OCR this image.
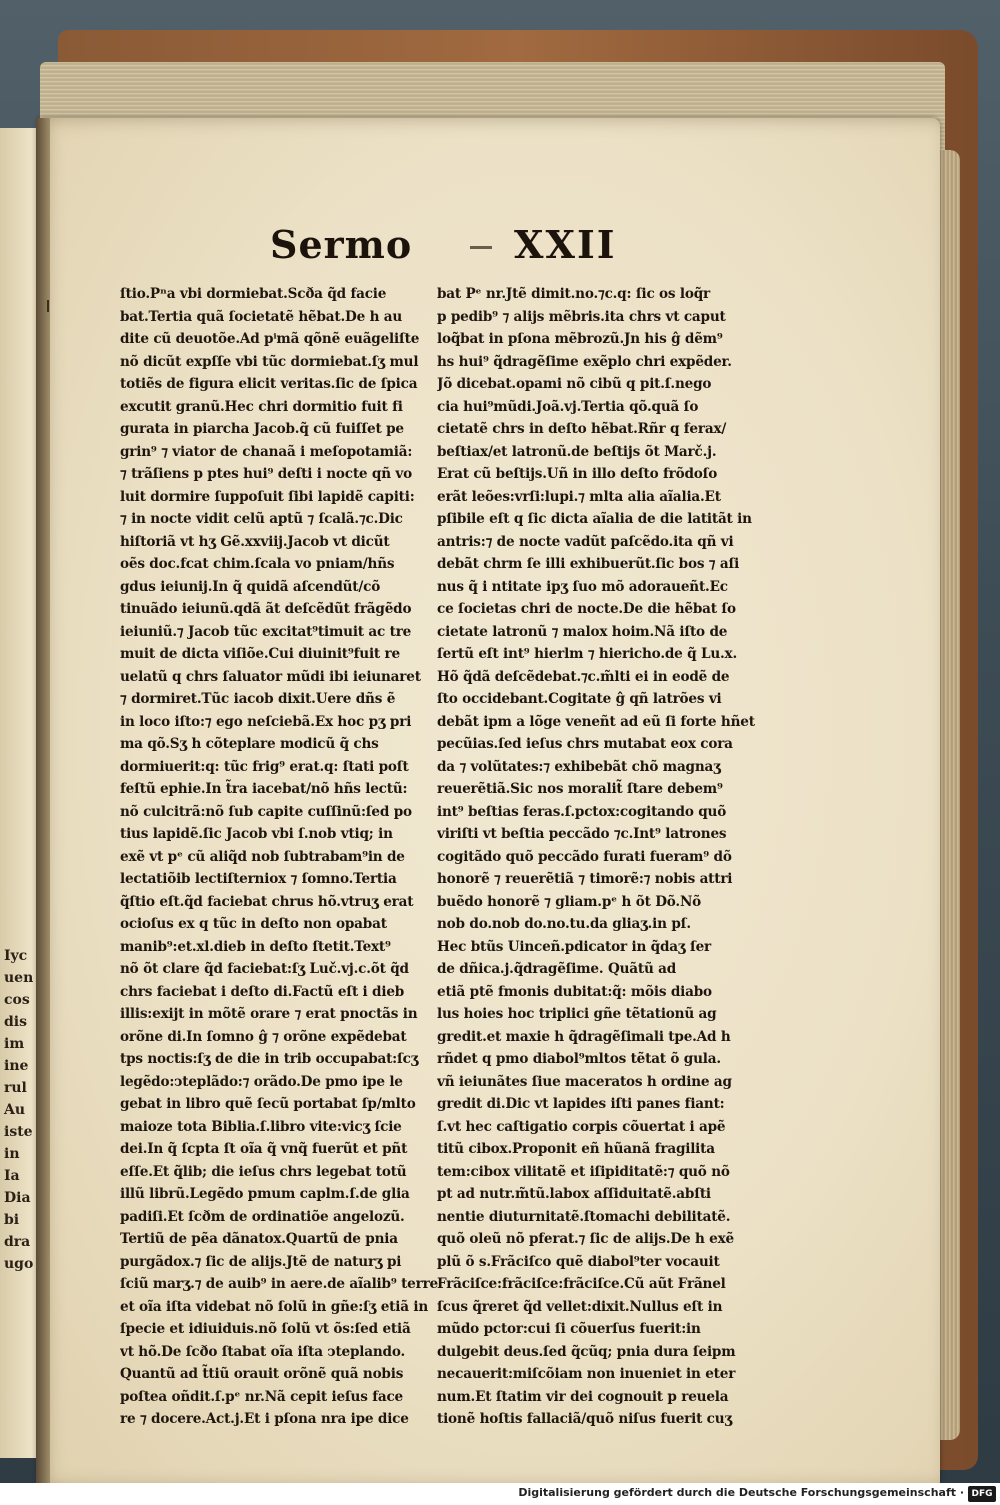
Iyc
uen
cos
dis
im
ine
rul
Au
iste
in
Ia
Dia
bi
dra
ugo
Sermo	XXII
ſtio.Pⁿa vbi dormiebat.Scða q̃d facie
bat.Tertia quã ſocietatẽ hẽbat.De h au
dite cũ deuotõe.Ad pⁱmã qõnẽ euãgeliſte
nõ dicũt expſſe vbi tũc dormiebat.ſʒ mul
totiẽs de figura elicit veritas.ſic de ſpica
excutit granũ.Hec chri dormitio fuit fi
gurata in piarcha Jacob.q̃ cũ fuiſſet pe
grin⁹ ⁊ viator de chanaã i meſopotamiã:
⁊ trãſiens p ptes hui⁹ deſti i nocte qñ vo
luit dormire ſuppoſuit ſibi lapidẽ capiti:
⁊ in nocte vidit celũ aptũ ⁊ ſcalã.⁊c.Dic
hiſtoriã vt hʒ Gẽ.xxviij.Jacob vt dicũt
oẽs doc.fcat chim.ſcala vo pniam/hñs
gdus ieiunij.In q̃ quidã aſcendũt/cõ
tinuãdo ieiunũ.qdã ãt deſcẽdũt frãgẽdo
ieiuniũ.⁊ Jacob tũc excitat⁹timuit ac tre
muit de dicta viſiõe.Cui diuinit⁹fuit re
uelatũ q chrs ſaluator mũdi ibi ieiunaret
⁊ dormiret.Tũc iacob dixit.Uere dñs ẽ
in loco iſto:⁊ ego neſciebã.Ex hoc pʒ pri
ma qõ.Sʒ h cõteplare modicũ q̃ chs
dormiuerit:q: tũc frig⁹ erat.q: ſtati poſt
feſtũ ephie.In t̃ra iacebat/nõ hñs lectũ:
nõ culcitrã:nõ ſub capite cuſſinũ:ſed po
tius lapidẽ.ſic Jacob vbi ſ.nob vtiq; in
exẽ vt pᵉ cũ aliq̃d nob ſubtrabam⁹in de
lectatiõib lectiſterniox ⁊ ſomno.Tertia
q̃ſtio eſt.q̃d faciebat chrus hõ.vtruʒ erat
ocioſus ex q tũc in deſto non opabat
manib⁹:et.xl.dieb in deſto ſtetit.Text⁹
nõ õt clare q̃d faciebat:ſʒ Luč.vj.c.õt q̃d
chrs faciebat i deſto di.Factũ eſt i dieb
illis:exijt in mõtẽ orare ⁊ erat pnoctãs in
orõne di.In ſomno ĝ ⁊ orõne expẽdebat
tps noctis:ſʒ de die in trib occupabat:ſcʒ
legẽdo:ↄteplãdo:⁊ orãdo.De pmo ipe le
gebat in libro quẽ ſecũ portabat ſp/mlto
maioze tota Biblia.ſ.libro vite:vicʒ ſcie
dei.In q̃ ſcpta ſt oĩa q̃ vnq̃ fuerũt et pñt
eſſe.Et q̃lib; die ieſus chrs legebat totũ
illũ librũ.Legẽdo pmum caplm.ſ.de glia
padiſi.Et ſcðm de ordinatiõe angelozũ.
Tertiũ de pẽa dãnatox.Quartũ de pnia
purgãdox.⁊ ſic de alijs.Jtẽ de naturʒ pi
ſciũ marʒ.⁊ de auib⁹ in aere.de aĩalib⁹ terre
et oĩa iſta videbat nõ ſolũ in gñe:ſʒ etiã in
ſpecie et idiuiduis.nõ ſolũ vt õs:ſed etiã
vt hõ.De ſcðo ſtabat oĩa iſta ↄteplando.
Quantũ ad t̃tiũ orauit orõnẽ quã nobis
poſtea oñdit.ſ.pᵉ nr.Nã cepit ieſus face
re ⁊ docere.Act.j.Et i pſona nra ipe dice
bat Pᵉ nr.Jtẽ dimit.no.⁊c.q: ſic os loq̃r
p pedib⁹ ⁊ alijs mẽbris.ita chrs vt caput
loq̃bat in pſona mẽbrozũ.Jn his ĝ dẽm⁹
hs hui⁹ q̃dragẽſime exẽplo chri expẽder.
Jõ dicebat.opami nõ cibũ q pit.ſ.nego
cia hui⁹mũdi.Joã.vj.Tertia qõ.quã ſo
cietatẽ chrs in deſto hẽbat.Rñr q ferax/
beſtiax/et latronũ.de beſtijs õt Marč.j.
Erat cũ beſtijs.Uñ in illo deſto frõdoſo
erãt leões:vrſi:lupi.⁊ mlta alia aĩalia.Et
pſibile eſt q ſic dicta aĩalia de die latitãt in
antris:⁊ de nocte vadũt paſcẽdo.ita qñ vi
debãt chrm ſe illi exhibuerũt.ſic bos ⁊ aſi
nus q̃ i ntitate ipʒ ſuo mõ adoraueñt.Ec
ce ſocietas chri de nocte.De die hẽbat ſo
cietate latronũ ⁊ malox hoim.Nã iſto de
ſertũ eſt int⁹ hierlm ⁊ hiericho.de q̃ Lu.x.
Hõ q̃dã deſcẽdebat.⁊c.m̃lti ei in eodẽ de
ſto occidebant.Cogitate ĝ qñ latrões vi
debãt ipm a lõge veneñt ad eũ ſi forte hñet
pecũias.ſed ieſus chrs mutabat eox cora
da ⁊ volũtates:⁊ exhibebãt chõ magnaʒ
reuerẽtiã.Sic nos moralit̃ ſtare debem⁹
int⁹ beſtias feras.ſ.pctox:cogitando quõ
viriſti vt beſtia peccãdo ⁊c.Int⁹ latrones
cogitãdo quõ peccãdo furati fueram⁹ dõ
honorẽ ⁊ reuerẽtiã ⁊ timorẽ:⁊ nobis attri
buẽdo honorẽ ⁊ gliam.pᵉ h õt Dõ.Nõ
nob do.nob do.no.tu.da gliaʒ.in pſ.
Hec btũs Uinceñ.pdicator in q̃daʒ ſer
de dñica.j.q̃dragẽſime. Quãtũ ad
etiã ptẽ fmonis dubitat:q̃: mõis diabo
lus hoies hoc triplici gñe tẽtationũ ag
gredit.et maxie h q̃dragẽſimali tpe.Ad h
rñdet q pmo diabol⁹mltos tẽtat õ gula.
vñ ieiunãtes ſiue maceratos h ordine ag
gredit di.Dic vt lapides iſti panes fiant:
ſ.vt hec caſtigatio corpis cõuertat i apẽ
titũ cibox.Proponit eñ hũanã fragilita
tem:cibox vilitatẽ et iſipiditatẽ:⁊ quõ nõ
pt ad nutr.m̃tũ.labox aſſiduitatẽ.abſti
nentie diuturnitatẽ.ſtomachi debilitatẽ.
quõ oleũ nõ pferat.⁊ ſic de alijs.De h exẽ
plũ õ s.Frãciſco quẽ diabol⁹ter vocauit
Frãciſce:frãciſce:frãciſce.Cũ aũt Frãnel
ſcus q̃reret q̃d vellet:dixit.Nullus eſt in
mũdo pctor:cui ſi cõuerſus fuerit:in
dulgebit deus.ſed q̃cũq; pnia dura ſeipm
necauerit:miſcõiam non inueniet in eter
num.Et ſtatim vir dei cognouit p reuela
tionẽ hoſtis fallaciã/quõ niſus fuerit cuʒ
Digitalisierung gefördert durch die Deutsche Forschungsgemeinschaft · DFG
